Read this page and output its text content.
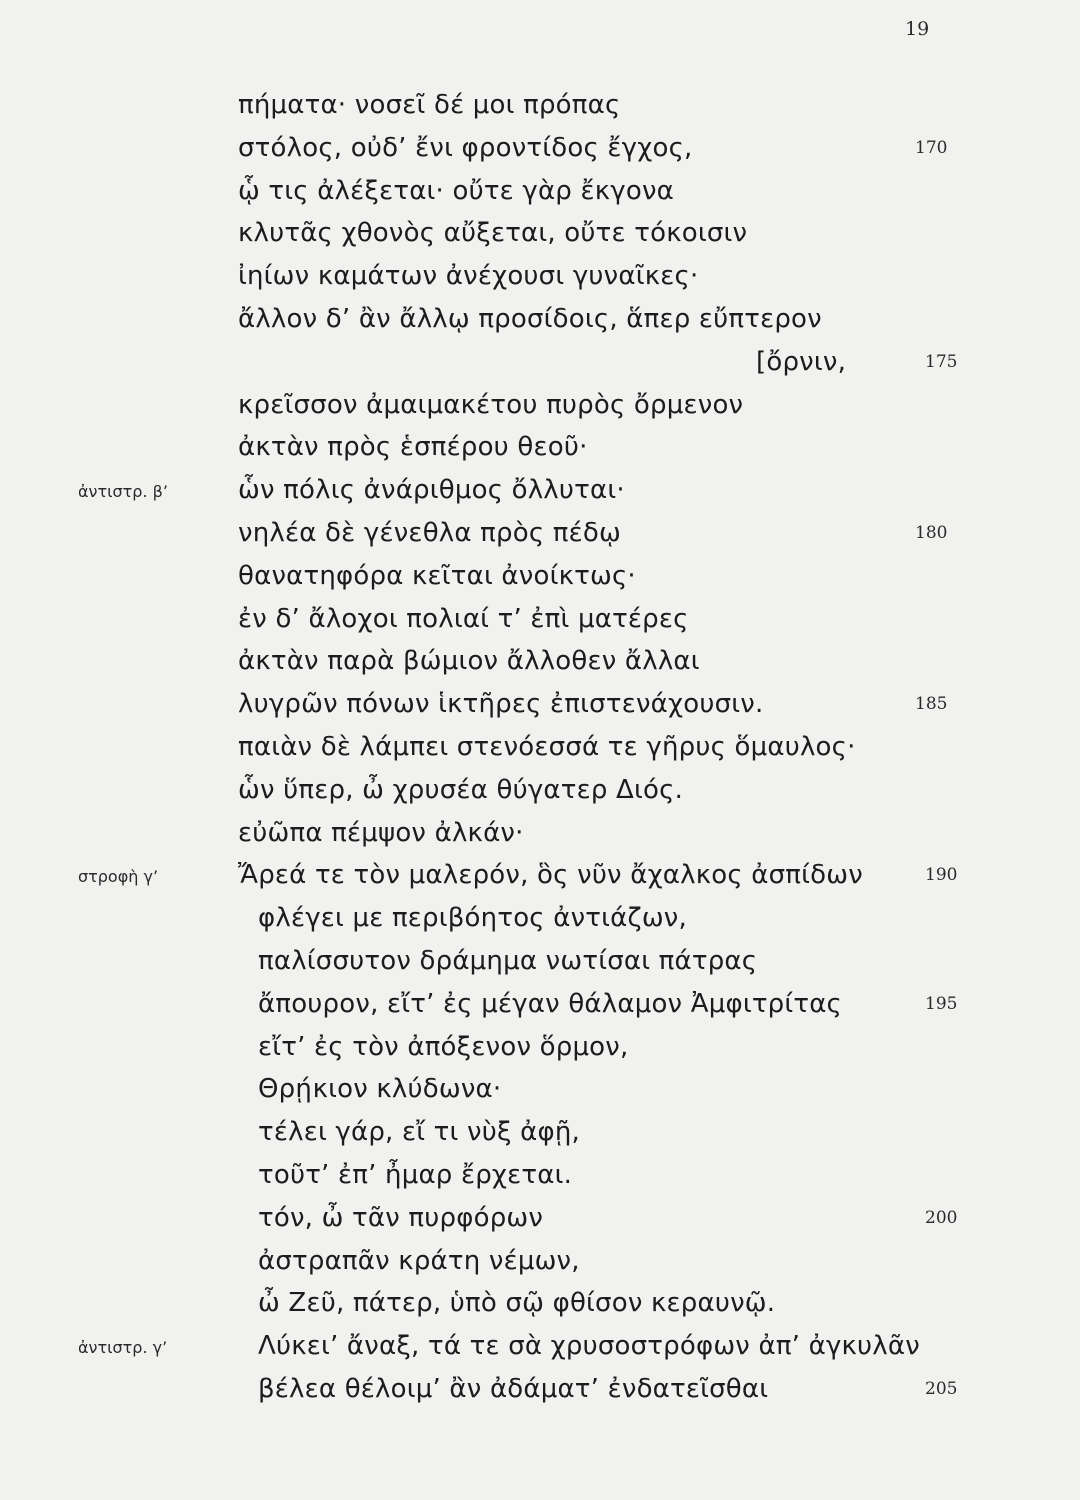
19
πήματα· νοσεῖ δέ μοι πρόπας
στόλος, οὐδ’ ἔνι φροντίδος ἔγχος,	170
ᾧ τις ἀλέξεται· οὔτε γὰρ ἔκγονα
κλυτᾶς χθονὸς αὔξεται, οὔτε τόκοισιν
ἰηίων καμάτων ἀνέχουσι γυναῖκες·
ἄλλον δ’ ἂν ἄλλῳ προσίδοις, ἅπερ εὔπτερον
[ὄρνιν,	175
κρεῖσσον ἀμαιμακέτου πυρὸς ὄρμενον
ἀκτὰν πρὸς ἑσπέρου θεοῦ·
ἀντιστρ. β’	ὧν πόλις ἀνάριθμος ὄλλυται·
νηλέα δὲ γένεθλα πρὸς πέδῳ	180
θανατηφόρα κεῖται ἀνοίκτως·
ἐν δ’ ἄλοχοι πολιαί τ’ ἐπὶ ματέρες
ἀκτὰν παρὰ βώμιον ἄλλοθεν ἄλλαι
λυγρῶν πόνων ἱκτῆρες ἐπιστενάχουσιν.	185
παιὰν δὲ λάμπει στενόεσσά τε γῆρυς ὅμαυλος·
ὧν ὕπερ, ὦ χρυσέα θύγατερ Διός.
εὐῶπα πέμψον ἀλκάν·
στροφὴ γ’	Ἄρεά τε τὸν μαλερόν, ὃς νῦν ἄχαλκος ἀσπίδων	190
φλέγει με περιβόητος ἀντιάζων,
παλίσσυτον δράμημα νωτίσαι πάτρας
ἄπουρον, εἴτ’ ἐς μέγαν θάλαμον Ἀμφιτρίτας	195
εἴτ’ ἐς τὸν ἀπόξενον ὅρμον,
Θρῄκιον κλύδωνα·
τέλει γάρ, εἴ τι νὺξ ἀφῇ,
τοῦτ’ ἐπ’ ἦμαρ ἔρχεται.
τόν, ὦ τᾶν πυρφόρων	200
ἀστραπᾶν κράτη νέμων,
ὦ Ζεῦ, πάτερ, ὑπὸ σῷ φθίσον κεραυνῷ.
ἀντιστρ. γ’	Λύκει’ ἄναξ, τά τε σὰ χρυσοστρόφων ἀπ’ ἀγκυλᾶν
βέλεα θέλοιμ’ ἂν ἀδάματ’ ἐνδατεῖσθαι	205
